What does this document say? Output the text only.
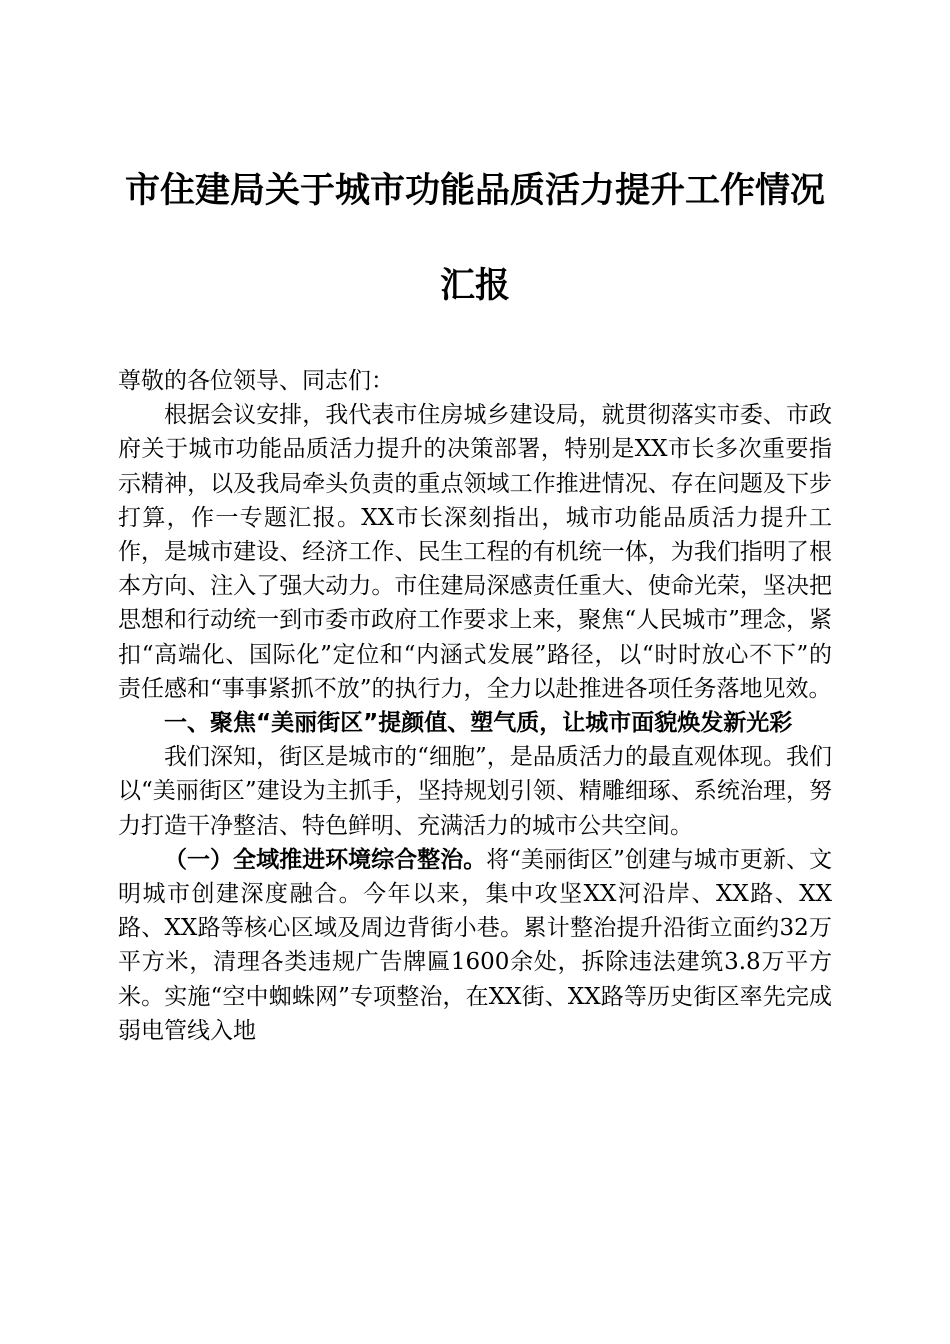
市住建局关于城市功能品质活力提升工作情况
汇报

尊敬的各位领导、同志们：

根据会议安排，我代表市住房城乡建设局，就贯彻落实市委、市政府关于城市功能品质活力提升的决策部署，特别是XX市长多次重要指示精神，以及我局牵头负责的重点领域工作推进情况、存在问题及下步打算，作一专题汇报。XX市长深刻指出，城市功能品质活力提升工作，是城市建设、经济工作、民生工程的有机统一体，为我们指明了根本方向、注入了强大动力。市住建局深感责任重大、使命光荣，坚决把思想和行动统一到市委市政府工作要求上来，聚焦“人民城市”理念，紧扣“高端化、国际化”定位和“内涵式发展”路径，以“时时放心不下”的责任感和“事事紧抓不放”的执行力，全力以赴推进各项任务落地见效。

一、聚焦“美丽街区”提颜值、塑气质，让城市面貌焕发新光彩

我们深知，街区是城市的“细胞”，是品质活力的最直观体现。我们以“美丽街区”建设为主抓手，坚持规划引领、精雕细琢、系统治理，努力打造干净整洁、特色鲜明、充满活力的城市公共空间。

（一）全域推进环境综合整治。将“美丽街区”创建与城市更新、文明城市创建深度融合。今年以来，集中攻坚XX河沿岸、XX路、XX路、XX路等核心区域及周边背街小巷。累计整治提升沿街立面约32万平方米，清理各类违规广告牌匾1600余处，拆除违法建筑3.8万平方米。实施“空中蜘蛛网”专项整治，在XX街、XX路等历史街区率先完成弱电管线入地
